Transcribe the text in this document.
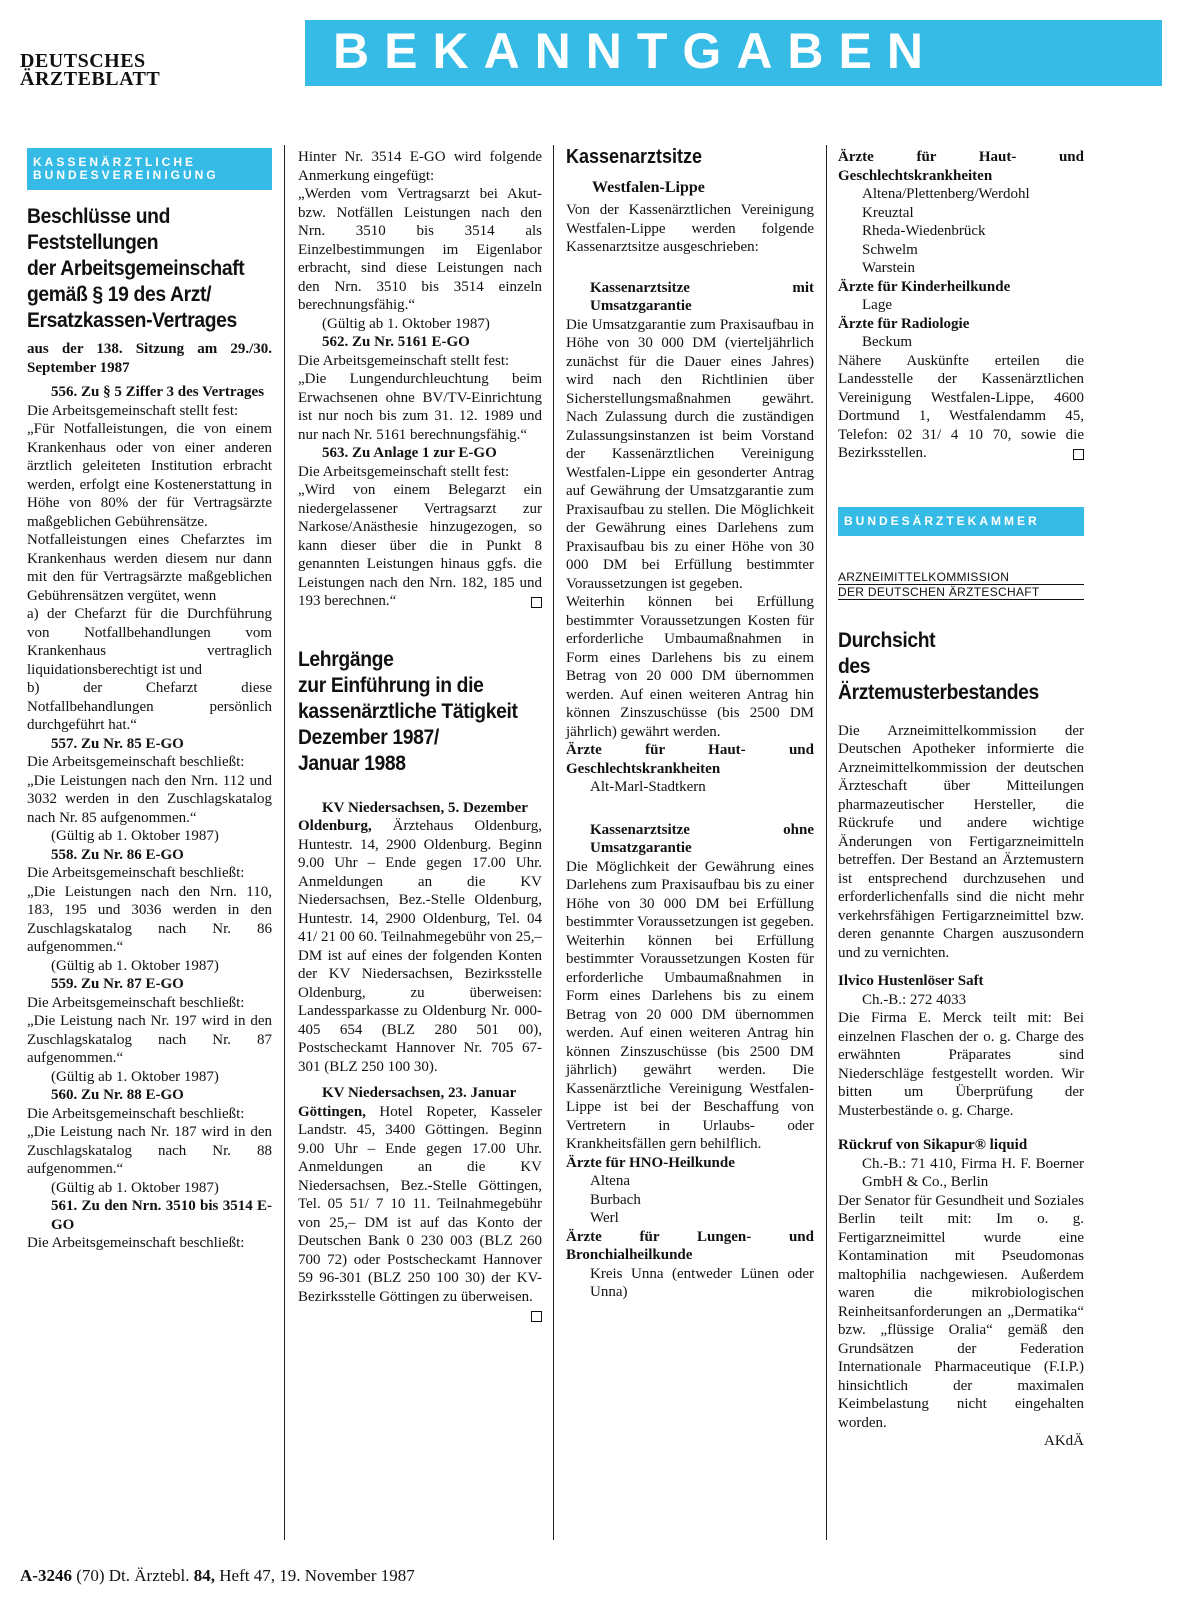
DEUTSCHES
ÄRZTEBLATT	BEKANNTGABEN
KASSENÄRZTLICHE
BUNDESVEREINIGUNG
Beschlüsse und
Feststellungen
der Arbeitsgemeinschaft
gemäß § 19 des Arzt/
Ersatzkassen-Vertrages

aus der 138. Sitzung am 29./30. September 1987

556. Zu § 5 Ziffer 3 des Vertrages

Die Arbeitsgemeinschaft stellt fest:

„Für Notfalleistungen, die von einem Krankenhaus oder von einer anderen ärztlich geleiteten Institution erbracht werden, erfolgt eine Kostenerstattung in Höhe von 80% der für Vertragsärzte maßgeblichen Gebührensätze.

Notfalleistungen eines Chefarztes im Krankenhaus werden diesem nur dann mit den für Vertragsärzte maßgeblichen Gebührensätzen vergütet, wenn

a) der Chefarzt für die Durchführung von Notfallbehandlungen vom Krankenhaus vertraglich liquidationsberechtigt ist und

b) der Chefarzt diese Notfallbehandlungen persönlich durchgeführt hat.“

557. Zu Nr. 85 E-GO

Die Arbeitsgemeinschaft beschließt:

„Die Leistungen nach den Nrn. 112 und 3032 werden in den Zuschlagskatalog nach Nr. 85 aufgenommen.“

(Gültig ab 1. Oktober 1987)

558. Zu Nr. 86 E-GO

Die Arbeitsgemeinschaft beschließt:

„Die Leistungen nach den Nrn. 110, 183, 195 und 3036 werden in den Zuschlagskatalog nach Nr. 86 aufgenommen.“

(Gültig ab 1. Oktober 1987)

559. Zu Nr. 87 E-GO

Die Arbeitsgemeinschaft beschließt:

„Die Leistung nach Nr. 197 wird in den Zuschlagskatalog nach Nr. 87 aufgenommen.“

(Gültig ab 1. Oktober 1987)

560. Zu Nr. 88 E-GO

Die Arbeitsgemeinschaft beschließt:

„Die Leistung nach Nr. 187 wird in den Zuschlagskatalog nach Nr. 88 aufgenommen.“

(Gültig ab 1. Oktober 1987)

561. Zu den Nrn. 3510 bis 3514 E-GO

Die Arbeitsgemeinschaft beschließt:

Hinter Nr. 3514 E-GO wird folgende Anmerkung eingefügt:

„Werden vom Vertragsarzt bei Akut- bzw. Notfällen Leistungen nach den Nrn. 3510 bis 3514 als Einzelbestimmungen im Eigenlabor erbracht, sind diese Leistungen nach den Nrn. 3510 bis 3514 einzeln berechnungsfähig.“

(Gültig ab 1. Oktober 1987)

562. Zu Nr. 5161 E-GO

Die Arbeitsgemeinschaft stellt fest:

„Die Lungendurchleuchtung beim Erwachsenen ohne BV/TV-Einrichtung ist nur noch bis zum 31. 12. 1989 und nur nach Nr. 5161 berechnungsfähig.“

563. Zu Anlage 1 zur E-GO

Die Arbeitsgemeinschaft stellt fest:

„Wird von einem Belegarzt ein niedergelassener Vertragsarzt zur Narkose/Anästhesie hinzugezogen, so kann dieser über die in Punkt 8 genannten Leistungen hinaus ggfs. die Leistungen nach den Nrn. 182, 185 und 193 berechnen.“

Lehrgänge
zur Einführung in die
kassenärztliche Tätigkeit
Dezember 1987/
Januar 1988

KV Niedersachsen, 5. Dezember

Oldenburg, Ärztehaus Oldenburg, Huntestr. 14, 2900 Oldenburg. Beginn 9.00 Uhr – Ende gegen 17.00 Uhr. Anmeldungen an die KV Niedersachsen, Bez.-Stelle Oldenburg, Huntestr. 14, 2900 Oldenburg, Tel. 04 41/ 21 00 60. Teilnahmegebühr von 25,– DM ist auf eines der folgenden Konten der KV Niedersachsen, Bezirksstelle Oldenburg, zu überweisen: Landessparkasse zu Oldenburg Nr. 000-405 654 (BLZ 280 501 00), Postscheckamt Hannover Nr. 705 67-301 (BLZ 250 100 30).

KV Niedersachsen, 23. Januar

Göttingen, Hotel Ropeter, Kasseler Landstr. 45, 3400 Göttingen. Beginn 9.00 Uhr – Ende gegen 17.00 Uhr. Anmeldungen an die KV Niedersachsen, Bez.-Stelle Göttingen, Tel. 05 51/ 7 10 11. Teilnahmegebühr von 25,– DM ist auf das Konto der Deutschen Bank 0 230 003 (BLZ 260 700 72) oder Postscheckamt Hannover 59 96-301 (BLZ 250 100 30) der KV-Bezirksstelle Göttingen zu überweisen.

Kassenarztsitze

Westfalen-Lippe

Von der Kassenärztlichen Vereinigung Westfalen-Lippe werden folgende Kassenarztsitze ausgeschrieben:

Kassenarztsitze mit Umsatzgarantie

Die Umsatzgarantie zum Praxisaufbau in Höhe von 30 000 DM (vierteljährlich zunächst für die Dauer eines Jahres) wird nach den Richtlinien über Sicherstellungsmaßnahmen gewährt. Nach Zulassung durch die zuständigen Zulassungsinstanzen ist beim Vorstand der Kassenärztlichen Vereinigung Westfalen-Lippe ein gesonderter Antrag auf Gewährung der Umsatzgarantie zum Praxisaufbau zu stellen. Die Möglichkeit der Gewährung eines Darlehens zum Praxisaufbau bis zu einer Höhe von 30 000 DM bei Erfüllung bestimmter Voraussetzungen ist gegeben.

Weiterhin können bei Erfüllung bestimmter Voraussetzungen Kosten für erforderliche Umbaumaßnahmen in Form eines Darlehens bis zu einem Betrag von 20 000 DM übernommen werden. Auf einen weiteren Antrag hin können Zinszuschüsse (bis 2500 DM jährlich) gewährt werden.

Ärzte für Haut- und Geschlechtskrankheiten

Alt-Marl-Stadtkern

Kassenarztsitze ohne Umsatzgarantie

Die Möglichkeit der Gewährung eines Darlehens zum Praxisaufbau bis zu einer Höhe von 30 000 DM bei Erfüllung bestimmter Voraussetzungen ist gegeben. Weiterhin können bei Erfüllung bestimmter Voraussetzungen Kosten für erforderliche Umbaumaßnahmen in Form eines Darlehens bis zu einem Betrag von 20 000 DM übernommen werden. Auf einen weiteren Antrag hin können Zinszuschüsse (bis 2500 DM jährlich) gewährt werden. Die Kassenärztliche Vereinigung Westfalen-Lippe ist bei der Beschaffung von Vertretern in Urlaubs- oder Krankheitsfällen gern behilflich.

Ärzte für HNO-Heilkunde

Altena

Burbach

Werl

Ärzte für Lungen- und Bronchialheilkunde

Kreis Unna (entweder Lünen oder Unna)

Ärzte für Haut- und Geschlechtskrankheiten

Altena/Plettenberg/Werdohl

Kreuztal

Rheda-Wiedenbrück

Schwelm

Warstein

Ärzte für Kinderheilkunde

Lage

Ärzte für Radiologie

Beckum

Nähere Auskünfte erteilen die Landesstelle der Kassenärztlichen Vereinigung Westfalen-Lippe, 4600 Dortmund 1, Westfalendamm 45, Telefon: 02 31/ 4 10 70, sowie die Bezirksstellen.

BUNDESÄRZTEKAMMER
ARZNEIMITTELKOMMISSION
DER DEUTSCHEN ÄRZTESCHAFT
Durchsicht
des Ärztemusterbestandes

Die Arzneimittelkommission der Deutschen Apotheker informierte die Arzneimittelkommission der deutschen Ärzteschaft über Mitteilungen pharmazeutischer Hersteller, die Rückrufe und andere wichtige Änderungen von Fertigarzneimitteln betreffen. Der Bestand an Ärztemustern ist entsprechend durchzusehen und erforderlichenfalls sind die nicht mehr verkehrsfähigen Fertigarzneimittel bzw. deren genannte Chargen auszusondern und zu vernichten.

Ilvico Hustenlöser Saft

Ch.-B.: 272 4033

Die Firma E. Merck teilt mit: Bei einzelnen Flaschen der o. g. Charge des erwähnten Präparates sind Niederschläge festgestellt worden. Wir bitten um Überprüfung der Musterbestände o. g. Charge.

Rückruf von Sikapur® liquid

Ch.-B.: 71 410, Firma H. F. Boerner GmbH & Co., Berlin

Der Senator für Gesundheit und Soziales Berlin teilt mit: Im o. g. Fertigarzneimittel wurde eine Kontamination mit Pseudomonas maltophilia nachgewiesen. Außerdem waren die mikrobiologischen Reinheitsanforderungen an „Dermatika“ bzw. „flüssige Oralia“ gemäß den Grundsätzen der Federation Internationale Pharmaceutique (F.I.P.) hinsichtlich der maximalen Keimbelastung nicht eingehalten worden.

AKdÄ

A-3246 (70) Dt. Ärztebl. 84, Heft 47, 19. November 1987
